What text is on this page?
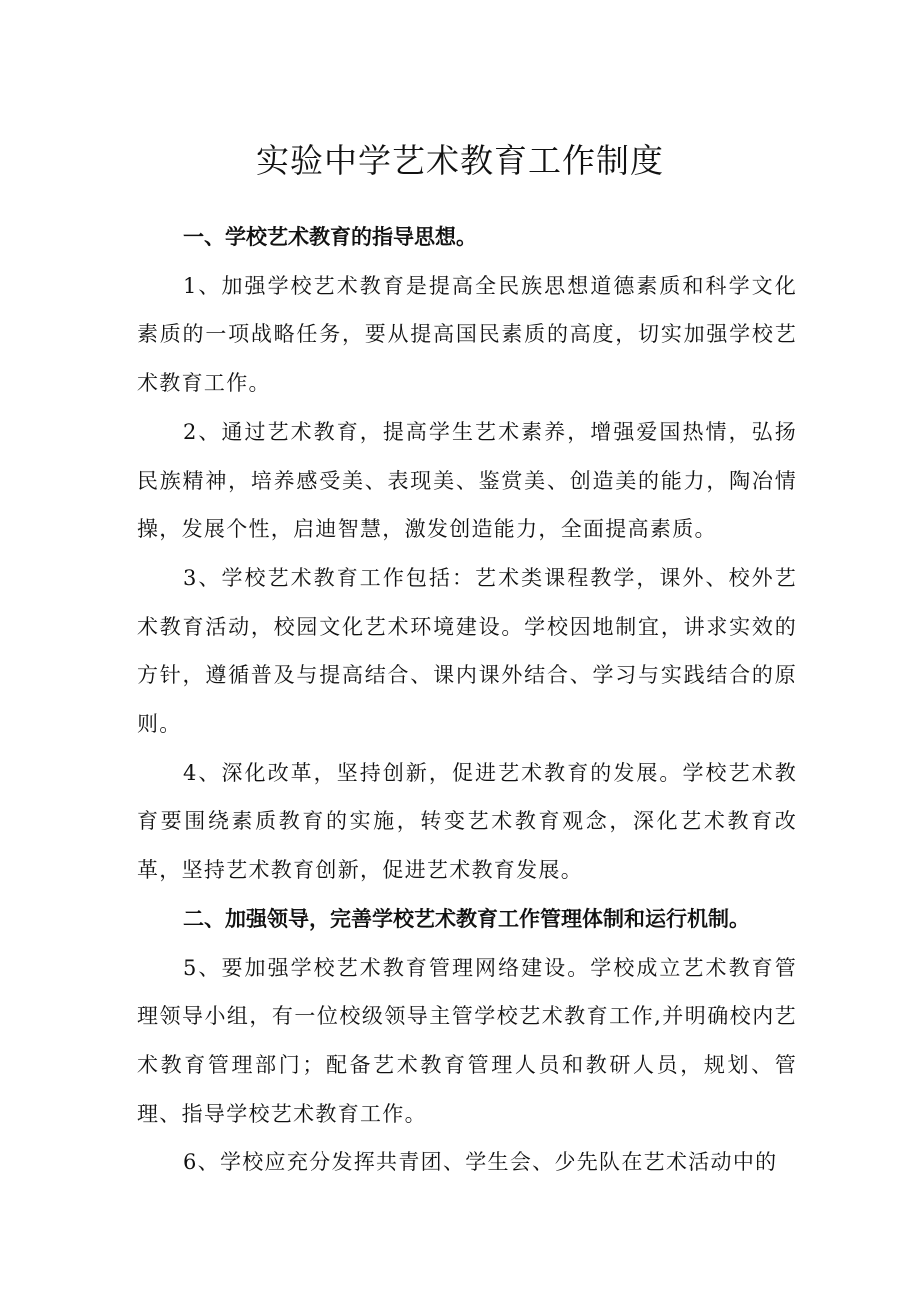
实验中学艺术教育工作制度

一、学校艺术教育的指导思想。

1、加强学校艺术教育是提高全民族思想道德素质和科学文化素质的一项战略任务，要从提高国民素质的高度，切实加强学校艺术教育工作。

2、通过艺术教育，提高学生艺术素养，增强爱国热情，弘扬民族精神，培养感受美、表现美、鉴赏美、创造美的能力，陶冶情操，发展个性，启迪智慧，激发创造能力，全面提高素质。

3、学校艺术教育工作包括：艺术类课程教学，课外、校外艺术教育活动，校园文化艺术环境建设。学校因地制宜，讲求实效的方针，遵循普及与提高结合、课内课外结合、学习与实践结合的原则。

4、深化改革，坚持创新，促进艺术教育的发展。学校艺术教育要围绕素质教育的实施，转变艺术教育观念，深化艺术教育改革，坚持艺术教育创新，促进艺术教育发展。

二、加强领导，完善学校艺术教育工作管理体制和运行机制。

5、要加强学校艺术教育管理网络建设。学校成立艺术教育管理领导小组，有一位校级领导主管学校艺术教育工作,并明确校内艺术教育管理部门；配备艺术教育管理人员和教研人员，规划、管理、指导学校艺术教育工作。

6、学校应充分发挥共青团、学生会、少先队在艺术活动中的
